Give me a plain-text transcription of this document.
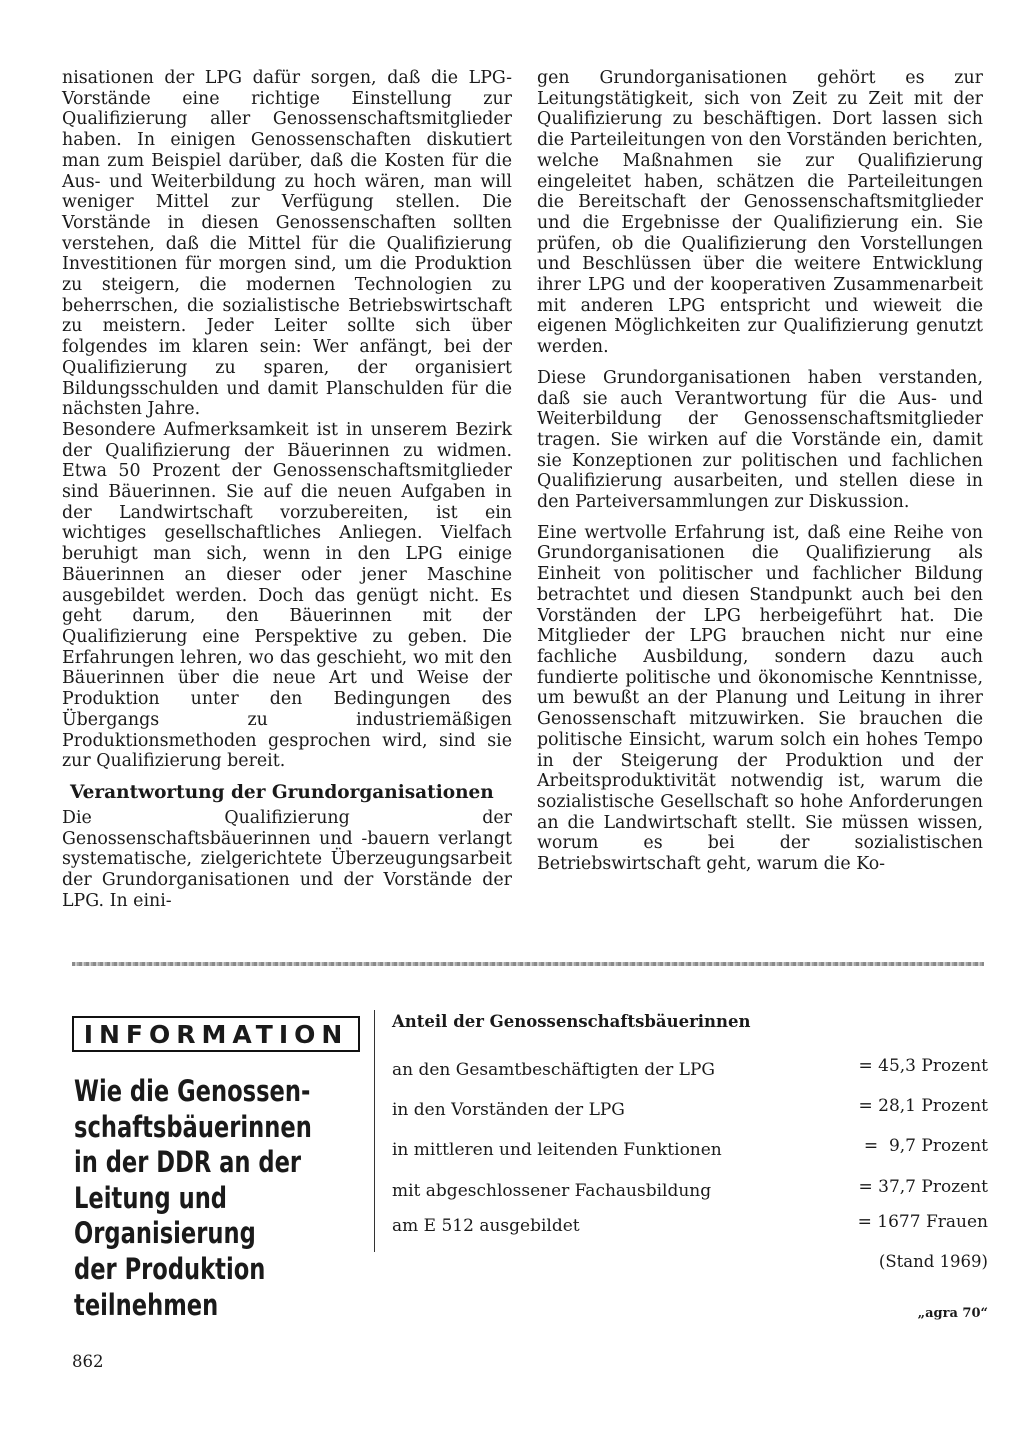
nisationen der LPG dafür sorgen, daß die LPG-Vorstände eine richtige Einstellung zur Qualifizierung aller Genossenschaftsmitglieder haben. In einigen Genossenschaften diskutiert man zum Beispiel darüber, daß die Kosten für die Aus- und Weiterbildung zu hoch wären, man will weniger Mittel zur Verfügung stellen. Die Vorstände in diesen Genossenschaften sollten verstehen, daß die Mittel für die Qualifizierung Investitionen für morgen sind, um die Produktion zu steigern, die modernen Technologien zu beherrschen, die sozialistische Betriebswirtschaft zu meistern. Jeder Leiter sollte sich über folgendes im klaren sein: Wer anfängt, bei der Qualifizierung zu sparen, der organisiert Bildungsschulden und damit Planschulden für die nächsten Jahre.

Besondere Aufmerksamkeit ist in unserem Bezirk der Qualifizierung der Bäuerinnen zu widmen. Etwa 50 Prozent der Genossenschaftsmitglieder sind Bäuerinnen. Sie auf die neuen Aufgaben in der Landwirtschaft vorzubereiten, ist ein wichtiges gesellschaftliches Anliegen. Vielfach beruhigt man sich, wenn in den LPG einige Bäuerinnen an dieser oder jener Maschine ausgebildet werden. Doch das genügt nicht. Es geht darum, den Bäuerinnen mit der Qualifizierung eine Perspektive zu geben. Die Erfahrungen lehren, wo das geschieht, wo mit den Bäuerinnen über die neue Art und Weise der Produktion unter den Bedingungen des Übergangs zu industriemäßigen Produktionsmethoden gesprochen wird, sind sie zur Qualifizierung bereit.

Verantwortung der Grundorganisationen

Die Qualifizierung der Genossenschaftsbäuerinnen und -bauern verlangt systematische, zielgerichtete Überzeugungsarbeit der Grundorganisationen und der Vorstände der LPG. In eini-

gen Grundorganisationen gehört es zur Leitungstätigkeit, sich von Zeit zu Zeit mit der Qualifizierung zu beschäftigen. Dort lassen sich die Parteileitungen von den Vorständen berichten, welche Maßnahmen sie zur Qualifizierung eingeleitet haben, schätzen die Parteileitungen die Bereitschaft der Genossenschaftsmitglieder und die Ergebnisse der Qualifizierung ein. Sie prüfen, ob die Qualifizierung den Vorstellungen und Beschlüssen über die weitere Entwicklung ihrer LPG und der kooperativen Zusammenarbeit mit anderen LPG entspricht und wieweit die eigenen Möglichkeiten zur Qualifizierung genutzt werden.

Diese Grundorganisationen haben verstanden, daß sie auch Verantwortung für die Aus- und Weiterbildung der Genossenschaftsmitglieder tragen. Sie wirken auf die Vorstände ein, damit sie Konzeptionen zur politischen und fachlichen Qualifizierung ausarbeiten, und stellen diese in den Parteiversammlungen zur Diskussion.

Eine wertvolle Erfahrung ist, daß eine Reihe von Grundorganisationen die Qualifizierung als Einheit von politischer und fachlicher Bildung betrachtet und diesen Standpunkt auch bei den Vorständen der LPG herbeigeführt hat. Die Mitglieder der LPG brauchen nicht nur eine fachliche Ausbildung, sondern dazu auch fundierte politische und ökonomische Kenntnisse, um bewußt an der Planung und Leitung in ihrer Genossenschaft mitzuwirken. Sie brauchen die politische Einsicht, warum solch ein hohes Tempo in der Steigerung der Produktion und der Arbeitsproduktivität notwendig ist, warum die sozialistische Gesellschaft so hohe Anforderungen an die Landwirtschaft stellt. Sie müssen wissen, worum es bei der sozialistischen Betriebswirtschaft geht, warum die Ko-

INFORMATION
Wie die Genossen-
schaftsbäuerinnen
in der DDR an der
Leitung und
Organisierung
der Produktion
teilnehmen
Anteil der Genossenschaftsbäuerinnen
an den Gesamtbeschäftigten der LPG	= 45,3 Prozent
in den Vorständen der LPG	= 28,1 Prozent
in mittleren und leitenden Funktionen	=  9,7 Prozent
mit abgeschlossener Fachausbildung	= 37,7 Prozent
am E 512 ausgebildet	= 1677 Frauen
(Stand 1969)
„agra 70“
862
